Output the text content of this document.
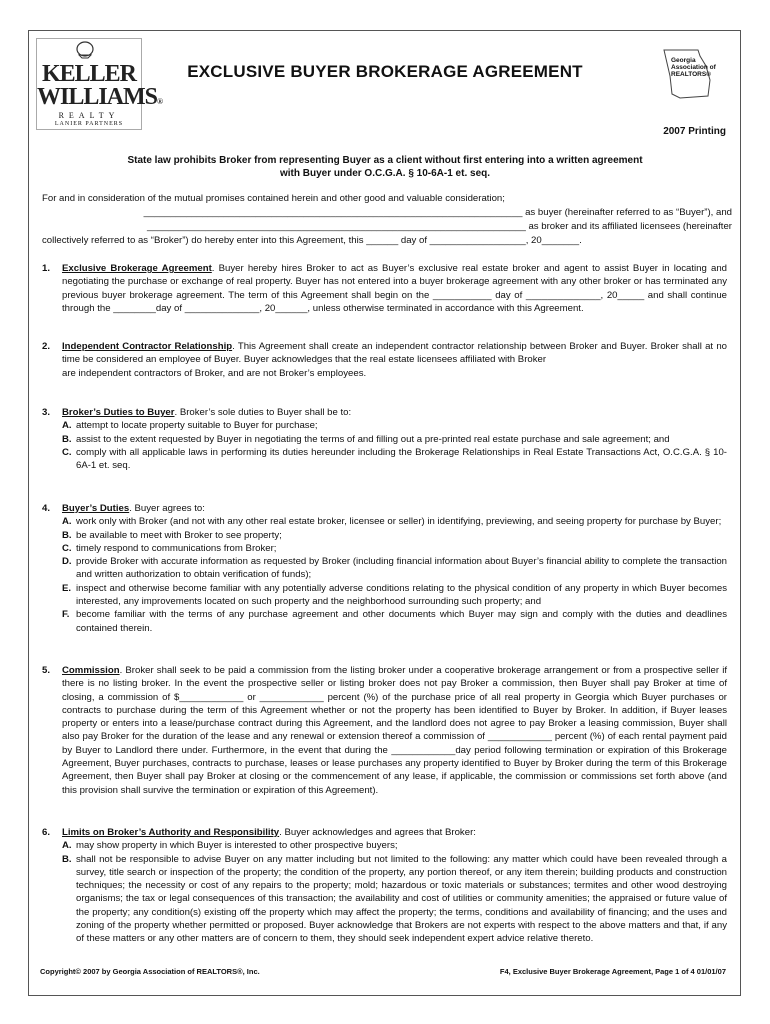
KELLER
WILLIAMS®
REALTY
LANIER PARTNERS
EXCLUSIVE BUYER BROKERAGE AGREEMENT
Georgia Association of REALTORS®
2007 Printing
State law prohibits Broker from representing Buyer as a client without first entering into a written agreement
with Buyer under O.C.G.A. § 10-6A-1 et. seq.
For and in consideration of the mutual promises contained herein and other good and valuable consideration;
_______________________________________________________________________ as buyer (hereinafter referred to as “Buyer”), and
_______________________________________________________________________ as broker and its affiliated licensees (hereinafter
collectively referred to as “Broker”) do hereby enter into this Agreement, this ______ day of __________________, 20_______.
1. Exclusive Brokerage Agreement. Buyer hereby hires Broker to act as Buyer’s exclusive real estate broker and agent to assist Buyer in locating and negotiating the purchase or exchange of real property. Buyer has not entered into a buyer brokerage agreement with any other broker or has terminated any previous buyer brokerage agreement. The term of this Agreement shall begin on the ___________ day of ______________, 20_____ and shall continue through the ________day of ______________, 20______, unless otherwise terminated in accordance with this Agreement.
2. Independent Contractor Relationship. This Agreement shall create an independent contractor relationship between Broker and Buyer. Broker shall at no time be considered an employee of Buyer. Buyer acknowledges that the real estate licensees affiliated with Broker
are independent contractors of Broker, and are not Broker’s employees.
3. Broker’s Duties to Buyer. Broker’s sole duties to Buyer shall be to:
A. attempt to locate property suitable to Buyer for purchase;
B. assist to the extent requested by Buyer in negotiating the terms of and filling out a pre-printed real estate purchase and sale agreement; and
C. comply with all applicable laws in performing its duties hereunder including the Brokerage Relationships in Real Estate Transactions Act, O.C.G.A. § 10-6A-1 et. seq.
4. Buyer’s Duties. Buyer agrees to:
A. work only with Broker (and not with any other real estate broker, licensee or seller) in identifying, previewing, and seeing property for purchase by Buyer;
B. be available to meet with Broker to see property;
C. timely respond to communications from Broker;
D. provide Broker with accurate information as requested by Broker (including financial information about Buyer’s financial ability to complete the transaction and written authorization to obtain verification of funds);
E. inspect and otherwise become familiar with any potentially adverse conditions relating to the physical condition of any property in which Buyer becomes interested, any improvements located on such property and the neighborhood surrounding such property; and
F. become familiar with the terms of any purchase agreement and other documents which Buyer may sign and comply with the duties and deadlines contained therein.
5. Commission. Broker shall seek to be paid a commission from the listing broker under a cooperative brokerage arrangement or from a prospective seller if there is no listing broker. In the event the prospective seller or listing broker does not pay Broker a commission, then Buyer shall pay Broker at time of closing, a commission of $____________ or ____________ percent (%) of the purchase price of all real property in Georgia which Buyer purchases or contracts to purchase during the term of this Agreement whether or not the property has been identified to Buyer by Broker. In addition, if Buyer leases property or enters into a lease/purchase contract during this Agreement, and the landlord does not agree to pay Broker a leasing commission, Buyer shall also pay Broker for the duration of the lease and any renewal or extension thereof a commission of ____________ percent (%) of each rental payment paid by Buyer to Landlord there under. Furthermore, in the event that during the ____________day period following termination or expiration of this Brokerage Agreement, Buyer purchases, contracts to purchase, leases or lease purchases any property identified to Buyer by Broker during the term of this Brokerage Agreement, then Buyer shall pay Broker at closing or the commencement of any lease, if applicable, the commission or commissions set forth above (and this provision shall survive the termination or expiration of this Agreement).
6. Limits on Broker’s Authority and Responsibility. Buyer acknowledges and agrees that Broker:
A. may show property in which Buyer is interested to other prospective buyers;
B. shall not be responsible to advise Buyer on any matter including but not limited to the following: any matter which could have been revealed through a survey, title search or inspection of the property; the condition of the property, any portion thereof, or any item therein; building products and construction techniques; the necessity or cost of any repairs to the property; mold; hazardous or toxic materials or substances; termites and other wood destroying organisms; the tax or legal consequences of this transaction; the availability and cost of utilities or community amenities; the appraised or future value of the property; any condition(s) existing off the property which may affect the property; the terms, conditions and availability of financing; and the uses and zoning of the property whether permitted or proposed. Buyer acknowledge that Brokers are not experts with respect to the above matters and that, if any of these matters or any other matters are of concern to them, they should seek independent expert advice relative thereto.
Copyright© 2007 by Georgia Association of REALTORS®, Inc.	F4, Exclusive Buyer Brokerage Agreement, Page 1 of 4 01/01/07
